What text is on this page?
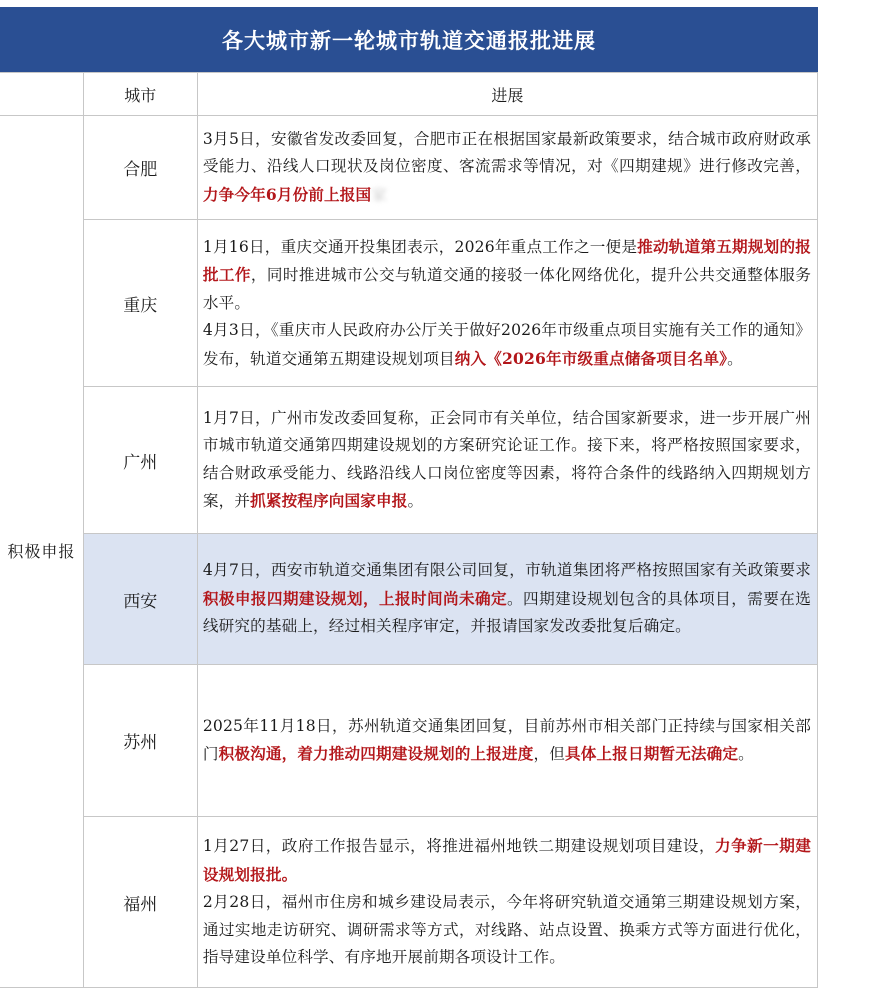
各大城市新一轮城市轨道交通报批进展
	城市	进展

积极申报	合肥	3月5日，安徽省发改委回复，合肥市正在根据国家最新政策要求，结合城市政府财政承受能力、沿线人口现状及岗位密度、客流需求等情况，对《四期建规》进行修改完善，力争今年6月份前上报国家

	重庆	1月16日，重庆交通开投集团表示，2026年重点工作之一便是推动轨道第五期规划的报批工作，同时推进城市公交与轨道交通的接驳一体化网络优化，提升公共交通整体服务水平。

4月3日，《重庆市人民政府办公厅关于做好2026年市级重点项目实施有关工作的通知》发布，轨道交通第五期建设规划项目纳入《2026年市级重点储备项目名单》。

	广州	1月7日，广州市发改委回复称，正会同市有关单位，结合国家新要求，进一步开展广州市城市轨道交通第四期建设规划的方案研究论证工作。接下来，将严格按照国家要求，结合财政承受能力、线路沿线人口岗位密度等因素，将符合条件的线路纳入四期规划方案，并抓紧按程序向国家申报。

	西安	4月7日，西安市轨道交通集团有限公司回复，市轨道集团将严格按照国家有关政策要求积极申报四期建设规划，上报时间尚未确定。四期建设规划包含的具体项目，需要在选线研究的基础上，经过相关程序审定，并报请国家发改委批复后确定。

	苏州	2025年11月18日，苏州轨道交通集团回复，目前苏州市相关部门正持续与国家相关部门积极沟通，着力推动四期建设规划的上报进度，但具体上报日期暂无法确定。

	福州	1月27日，政府工作报告显示，将推进福州地铁二期建设规划项目建设，力争新一期建设规划报批。

2月28日，福州市住房和城乡建设局表示，今年将研究轨道交通第三期建设规划方案，通过实地走访研究、调研需求等方式，对线路、站点设置、换乘方式等方面进行优化，指导建设单位科学、有序地开展前期各项设计工作。
